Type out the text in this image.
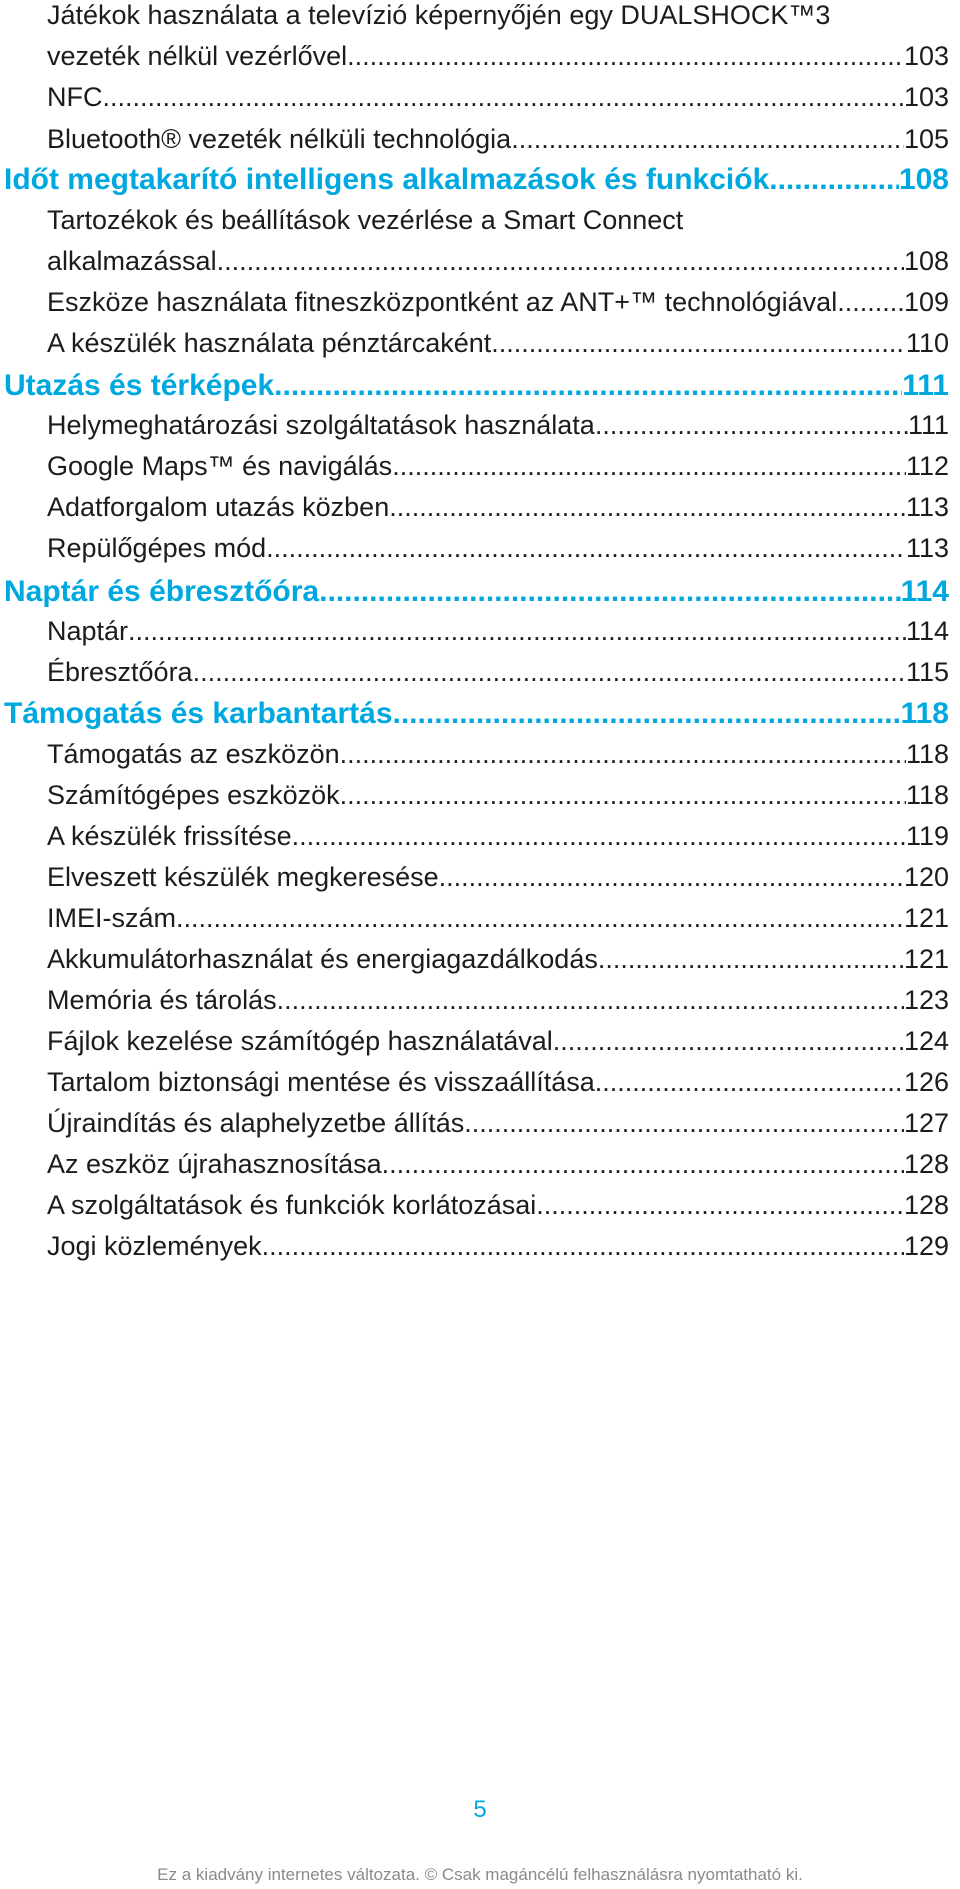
Játékok használata a televízió képernyőjén egy DUALSHOCK™3
vezeték nélkül vezérlővel .....	103
NFC .....	103
Bluetooth® vezeték nélküli technológia .....	105
Időt megtakarító intelligens alkalmazások és funkciók .....	108
Tartozékok és beállítások vezérlése a Smart Connect
alkalmazással .....	108
Eszköze használata fitneszközpontként az ANT+™ technológiával ..... 109
A készülék használata pénztárcaként .....	110
Utazás és térképek .....	111
Helymeghatározási szolgáltatások használata .....	111
Google Maps™ és navigálás .....	112
Adatforgalom utazás közben .....	113
Repülőgépes mód .....	113
Naptár és ébresztőóra .....	114
Naptár .....	114
Ébresztőóra .....	115
Támogatás és karbantartás .....	118
Támogatás az eszközön .....	118
Számítógépes eszközök .....	118
A készülék frissítése .....	119
Elveszett készülék megkeresése .....	120
IMEI-szám .....	121
Akkumulátorhasználat és energiagazdálkodás .....	121
Memória és tárolás .....	123
Fájlok kezelése számítógép használatával .....	124
Tartalom biztonsági mentése és visszaállítása .....	126
Újraindítás és alaphelyzetbe állítás .....	127
Az eszköz újrahasznosítása .....	128
A szolgáltatások és funkciók korlátozásai .....	128
Jogi közlemények .....	129
5
Ez a kiadvány internetes változata. © Csak magáncélú felhasználásra nyomtatható ki.
